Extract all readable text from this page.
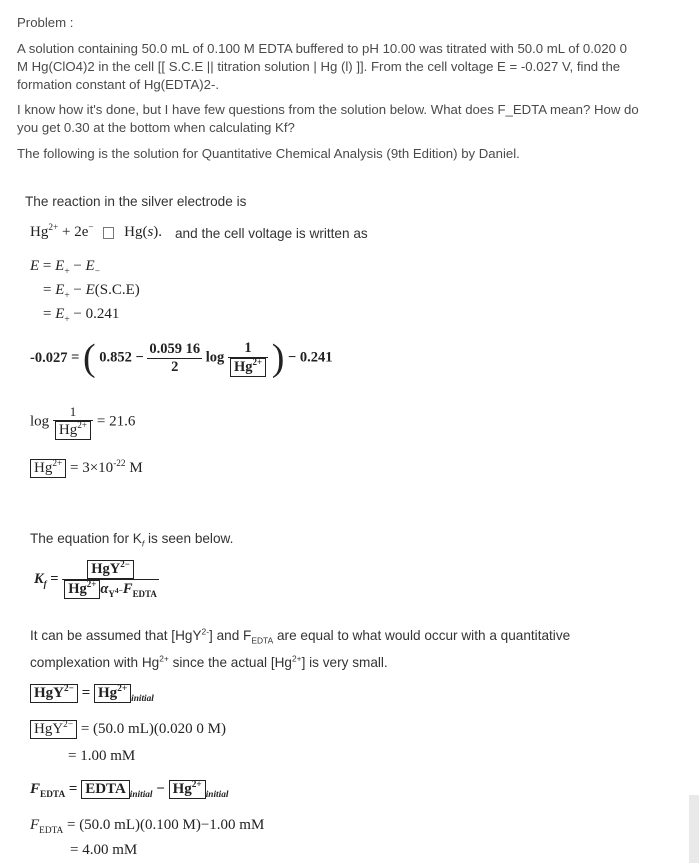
Problem :
A solution containing 50.0 mL of 0.100 M EDTA buffered to pH 10.00 was titrated with 50.0 mL of 0.020 0
M Hg(ClO4)2 in the cell [[ S.C.E || titration solution | Hg (l) ]]. From the cell voltage E = -0.027 V, find the
formation constant of Hg(EDTA)2-.
I know how it's done, but I have few questions from the solution below. What does F_EDTA mean? How do
you get 0.30 at the bottom when calculating Kf?
The following is the solution for Quantitative Chemical Analysis (9th Edition) by Daniel.
The reaction in the silver electrode is
$Hg^{2+} + 2e^-$  Hg(s). and the cell voltage is written as
$E = E_+ - E_-$
= $E_+ - E(S.C.E)$
= $E_+ - 0.241$
-0.027 = ( $0.852 - \frac{0.059 16}{2}$ $\log \frac{1}{Hg^{2+}}$ ) − 0.241
$\log \frac{1}{Hg^{2+}} = 21.6$
$Hg^{2+} = 3\times 10^{-22}$ M
The equation for $K_f$ is seen below.
$K_f = \frac{HgY^{2-}}{Hg^{2+} \alpha_{Y^{4-}}F_{EDTA}}$
It can be assumed that [HgY$^{2-}$] and $F_{EDTA}$ are equal to what would occur with a quantitative
complexation with $Hg^{2+}$ since the actual $[Hg^{2+}]$ is very small.
$HgY^{2-} = Hg^{2+}_{initial}$
HgY$^{2-}$ = (50.0 mL)(0.020 0 M)
= 1.00 mM
$F_{EDTA}$ = EDTA $_{initial} - Hg^{2+}_{initial}$
$F_{EDTA} = (50.0$ mL)(0.100 M)−1.00 mM
= 4.00 mM
